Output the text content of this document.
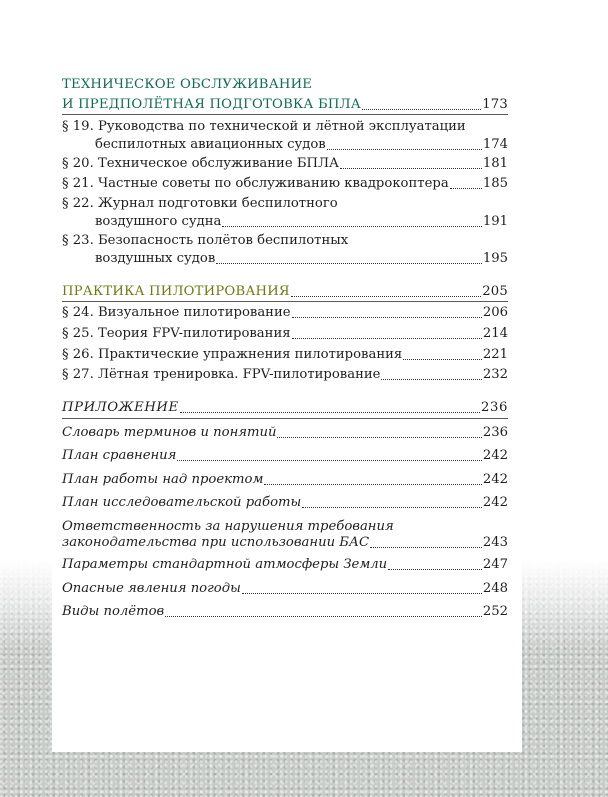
ТЕХНИЧЕСКОЕ ОБСЛУЖИВАНИЕ
И ПРЕДПОЛЁТНАЯ ПОДГОТОВКА БПЛА	173
§ 19. Руководства по технической и лётной эксплуатации
беспилотных авиационных судов	174
§ 20. Техническое обслуживание БПЛА	181
§ 21. Частные советы по обслуживанию квадрокоптера	185
§ 22. Журнал подготовки беспилотного
воздушного судна	191
§ 23. Безопасность полётов беспилотных
воздушных судов	195
ПРАКТИКА ПИЛОТИРОВАНИЯ	205
§ 24. Визуальное пилотирование	206
§ 25. Теория FPV-пилотирования	214
§ 26. Практические упражнения пилотирования	221
§ 27. Лётная тренировка. FPV-пилотирование	232
ПРИЛОЖЕНИЕ	236
Словарь терминов и понятий	236
План сравнения	242
План работы над проектом	242
План исследовательской работы	242
Ответственность за нарушения требования
законодательства при использовании БАС	243
Параметры стандартной атмосферы Земли	247
Опасные явления погоды	248
Виды полётов	252
